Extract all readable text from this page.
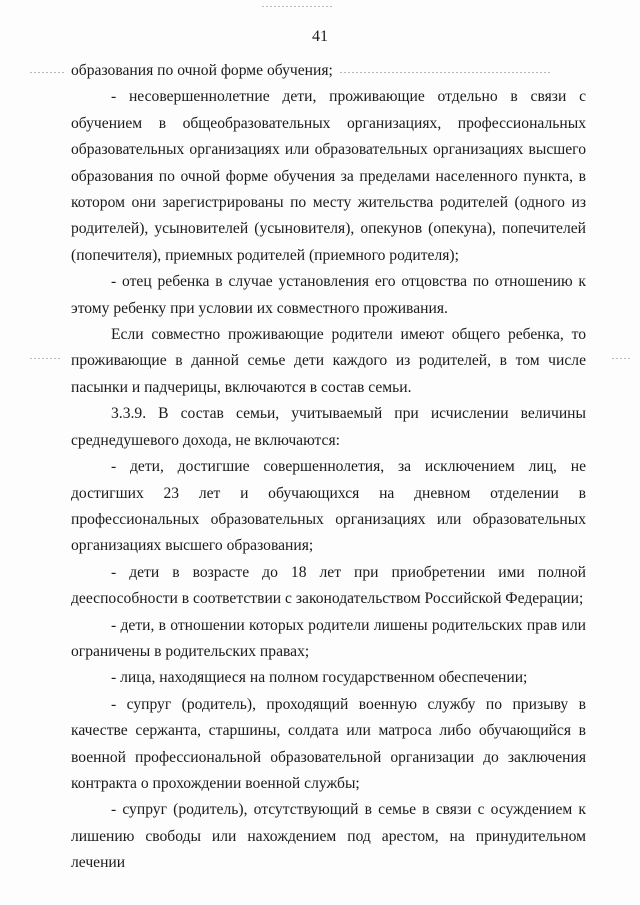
41

образования по очной форме обучения;

- несовершеннолетние дети, проживающие отдельно в связи с обучением в общеобразовательных организациях, профессиональных образовательных организациях или образовательных организациях высшего образования по очной форме обучения за пределами населенного пункта, в котором они зарегистрированы по месту жительства родителей (одного из родителей), усыновителей (усыновителя), опекунов (опекуна), попечителей (попечителя), приемных родителей (приемного родителя);

- отец ребенка в случае установления его отцовства по отношению к этому ребенку при условии их совместного проживания.

Если совместно проживающие родители имеют общего ребенка, то проживающие в данной семье дети каждого из родителей, в том числе пасынки и падчерицы, включаются в состав семьи.

3.3.9. В состав семьи, учитываемый при исчислении величины среднедушевого дохода, не включаются:

- дети, достигшие совершеннолетия, за исключением лиц, не достигших 23 лет и обучающихся на дневном отделении в профессиональных образовательных организациях или образовательных организациях высшего образования;

- дети в возрасте до 18 лет при приобретении ими полной дееспособности в соответствии с законодательством Российской Федерации;

- дети, в отношении которых родители лишены родительских прав или ограничены в родительских правах;

- лица, находящиеся на полном государственном обеспечении;

- супруг (родитель), проходящий военную службу по призыву в качестве сержанта, старшины, солдата или матроса либо обучающийся в военной профессиональной образовательной организации до заключения контракта о прохождении военной службы;

- супруг (родитель), отсутствующий в семье в связи с осуждением к лишению свободы или нахождением под арестом, на принудительном лечении
